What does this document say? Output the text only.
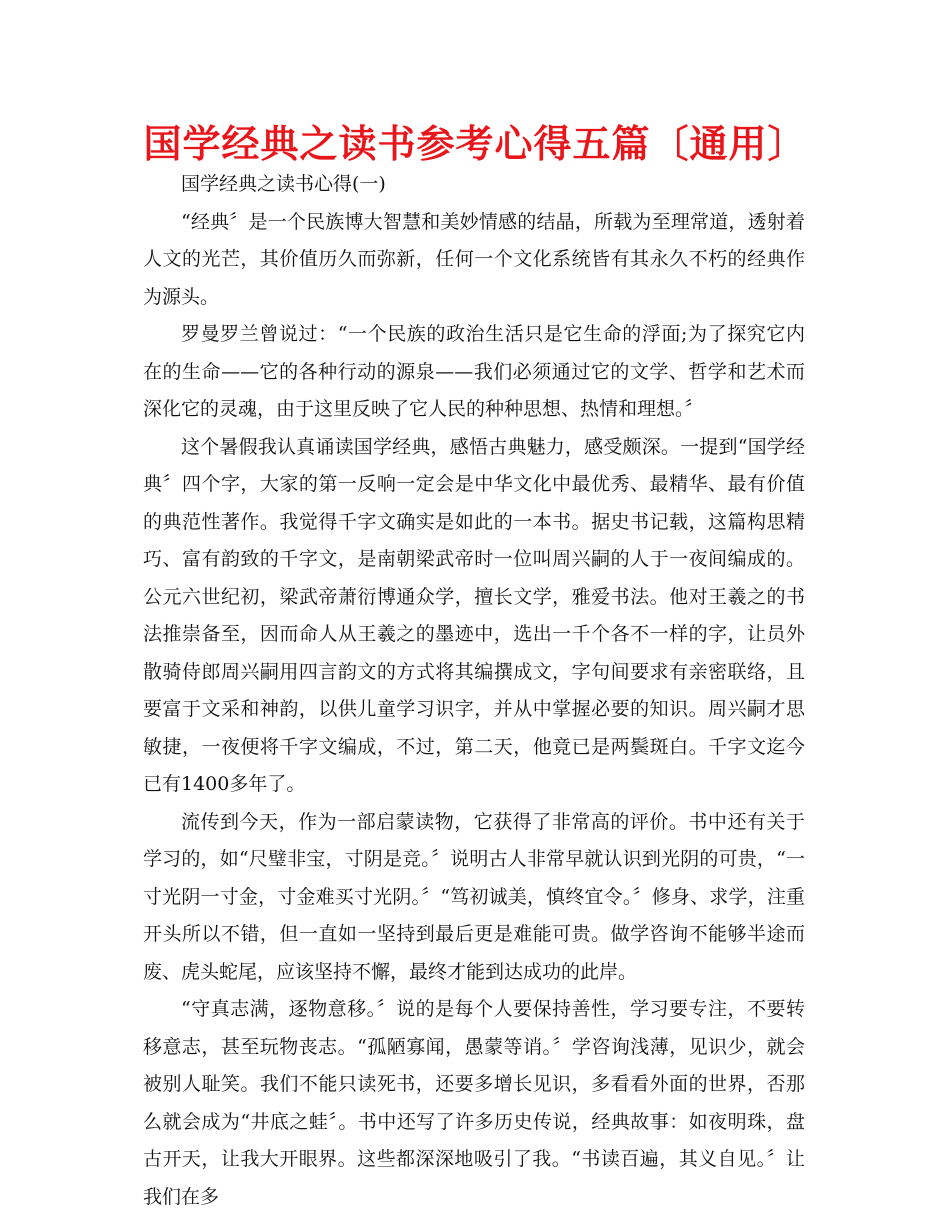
国学经典之读书参考心得五篇〔通用〕

国学经典之读书心得(一)

“经典〞是一个民族博大智慧和美妙情感的结晶，所载为至理常道，透射着人文的光芒，其价值历久而弥新，任何一个文化系统皆有其永久不朽的经典作为源头。

罗曼罗兰曾说过：“一个民族的政治生活只是它生命的浮面;为了探究它内在的生命——它的各种行动的源泉——我们必须通过它的文学、哲学和艺术而深化它的灵魂，由于这里反映了它人民的种种思想、热情和理想。〞

这个暑假我认真诵读国学经典，感悟古典魅力，感受颇深。一提到“国学经典〞四个字，大家的第一反响一定会是中华文化中最优秀、最精华、最有价值的典范性著作。我觉得千字文确实是如此的一本书。据史书记载，这篇构思精巧、富有韵致的千字文，是南朝梁武帝时一位叫周兴嗣的人于一夜间编成的。公元六世纪初，梁武帝萧衍博通众学，擅长文学，雅爱书法。他对王羲之的书法推崇备至，因而命人从王羲之的墨迹中，选出一千个各不一样的字，让员外散骑侍郎周兴嗣用四言韵文的方式将其编撰成文，字句间要求有亲密联络，且要富于文采和神韵，以供儿童学习识字，并从中掌握必要的知识。周兴嗣才思敏捷，一夜便将千字文编成，不过，第二天，他竟已是两鬓斑白。千字文迄今已有1400多年了。

流传到今天，作为一部启蒙读物，它获得了非常高的评价。书中还有关于学习的，如“尺璧非宝，寸阴是竞。〞说明古人非常早就认识到光阴的可贵，“一寸光阴一寸金，寸金难买寸光阴。〞“笃初诚美，慎终宜令。〞修身、求学，注重开头所以不错，但一直如一坚持到最后更是难能可贵。做学咨询不能够半途而废、虎头蛇尾，应该坚持不懈，最终才能到达成功的此岸。

“守真志满，逐物意移。〞说的是每个人要保持善性，学习要专注，不要转移意志，甚至玩物丧志。“孤陋寡闻，愚蒙等诮。〞学咨询浅薄，见识少，就会被别人耻笑。我们不能只读死书，还要多增长见识，多看看外面的世界，否那么就会成为“井底之蛙〞。书中还写了许多历史传说，经典故事：如夜明珠，盘古开天，让我大开眼界。这些都深深地吸引了我。“书读百遍，其义自见。〞让我们在多
